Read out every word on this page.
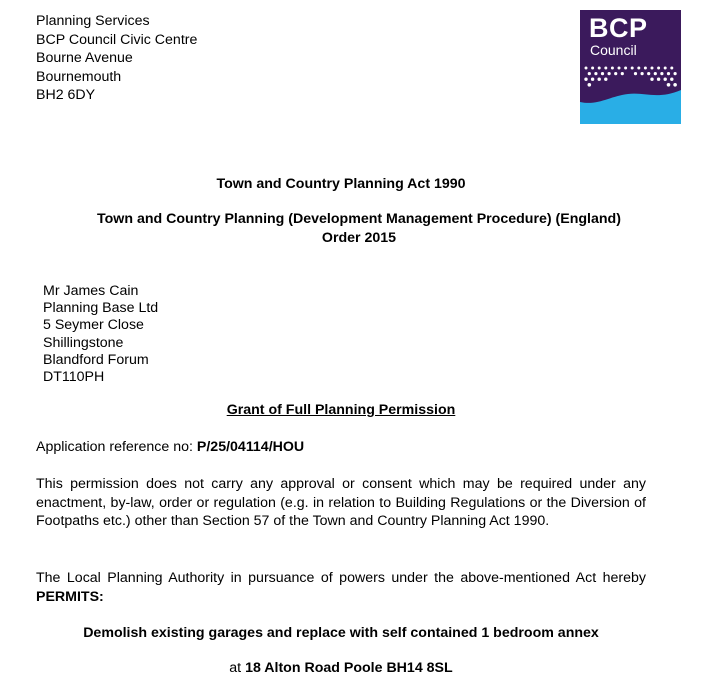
Planning Services
BCP Council Civic Centre
Bourne Avenue
Bournemouth
BH2 6DY
BCP
Council
Town and Country Planning Act 1990
Town and Country Planning (Development Management Procedure) (England)
Order 2015
Mr James Cain
Planning Base Ltd
5 Seymer Close
Shillingstone
Blandford Forum
DT110PH
Grant of Full Planning Permission
Application reference no: P/25/04114/HOU
This permission does not carry any approval or consent which may be required under any enactment, by-law, order or regulation (e.g. in relation to Building Regulations or the Diversion of Footpaths etc.) other than Section 57 of the Town and Country Planning Act 1990.
The Local Planning Authority in pursuance of powers under the above-mentioned Act hereby PERMITS:
Demolish existing garages and replace with self contained 1 bedroom annex
at 18 Alton Road Poole BH14 8SL
